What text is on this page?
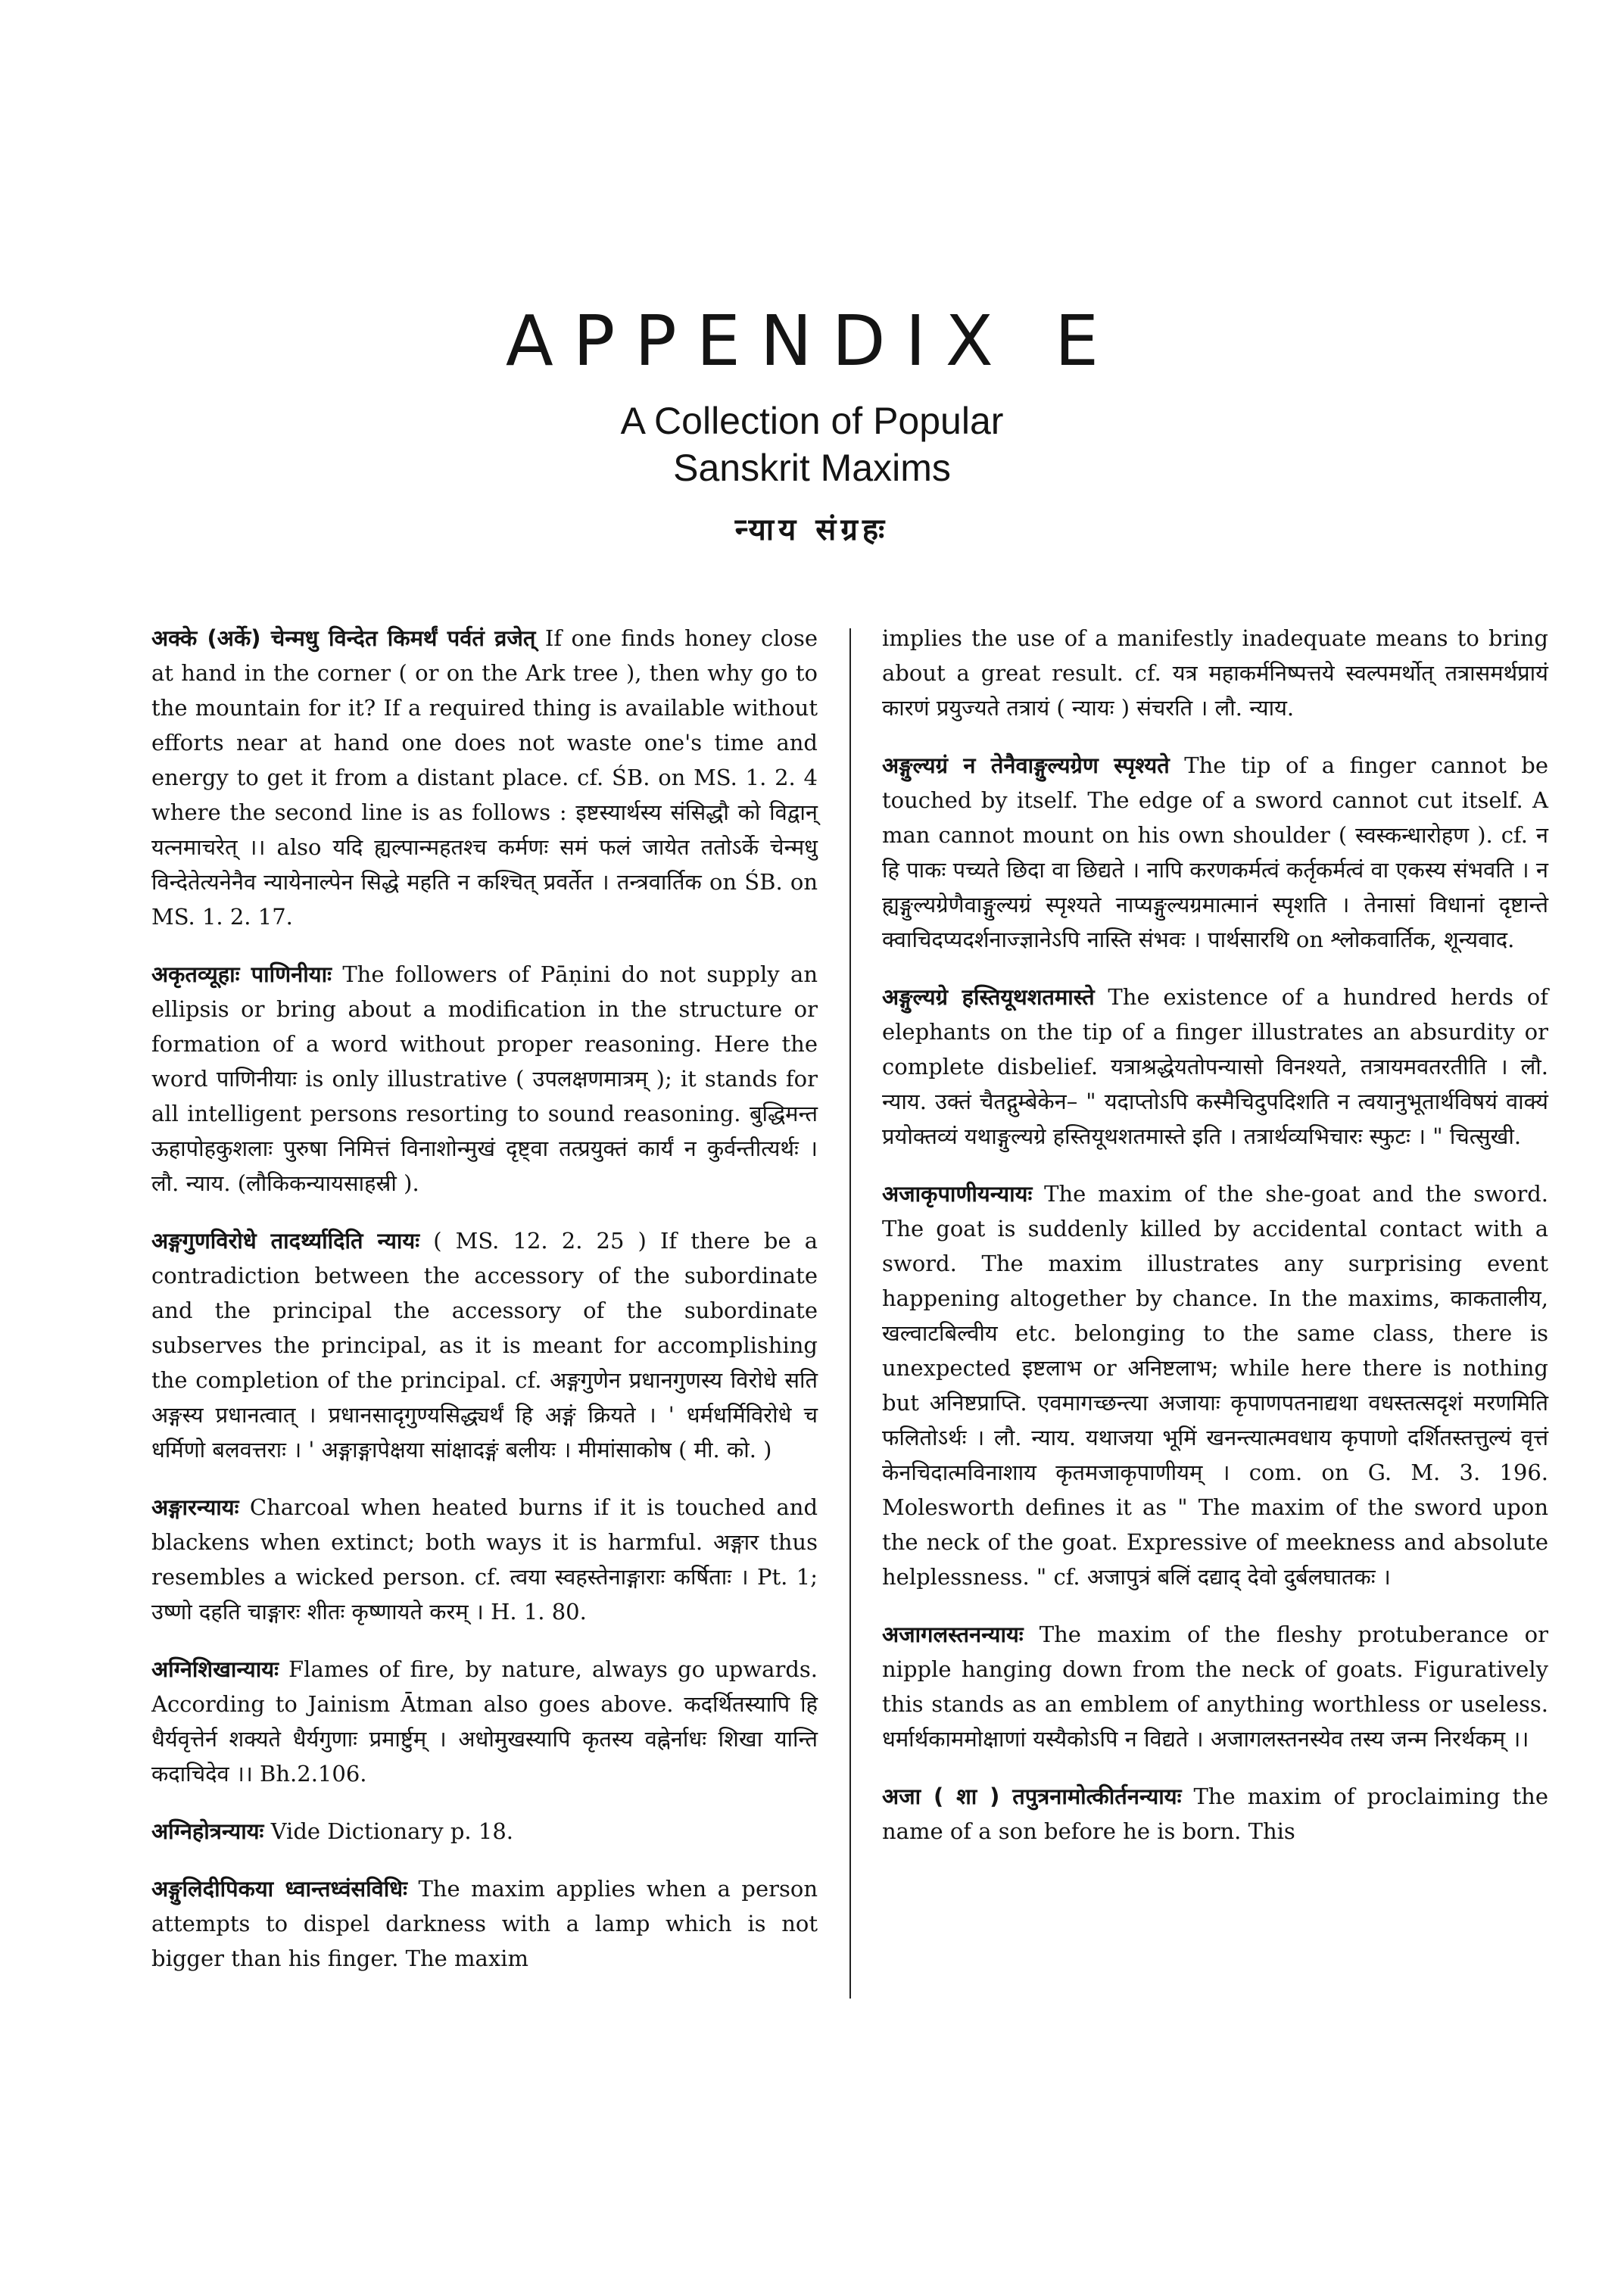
APPENDIX E
A Collection of Popular
Sanskrit Maxims
न्याय संग्रहः

अक्के (अर्के) चेन्मधु विन्देत किमर्थं पर्वतं व्रजेत् If one finds honey close at hand in the corner ( or on the Ark tree ), then why go to the mountain for it? If a required thing is available without efforts near at hand one does not waste one's time and energy to get it from a distant place. cf. ŚB. on MS. 1. 2. 4 where the second line is as follows : इष्टस्यार्थस्य संसिद्धौ को विद्वान् यत्नमाचरेत् ।। also यदि ह्यल्पान्महतश्च कर्मणः समं फलं जायेत ततोऽर्के चेन्मधु विन्देतेत्यनेनैव न्यायेनाल्पेन सिद्धे महति न कश्चित् प्रवर्तेत । तन्त्रवार्तिक on ŚB. on MS. 1. 2. 17.

अकृतव्यूहाः पाणिनीयाः The followers of Pāṇini do not supply an ellipsis or bring about a modification in the structure or formation of a word without proper reasoning. Here the word पाणिनीयाः is only illustrative ( उपलक्षणमात्रम् ); it stands for all intelligent persons resorting to sound reasoning. बुद्धिमन्त ऊहापोहकुशलाः पुरुषा निमित्तं विनाशोन्मुखं दृष्ट्वा तत्प्रयुक्तं कार्यं न कुर्वन्तीत्यर्थः । लौ. न्याय. (लौकिकन्यायसाहस्री ).

अङ्गगुणविरोधे तादर्थ्यादिति न्यायः ( MS. 12. 2. 25 ) If there be a contradiction between the accessory of the subordinate and the principal the accessory of the subordinate subserves the principal, as it is meant for accomplishing the completion of the principal. cf. अङ्गगुणेन प्रधानगुणस्य विरोधे सति अङ्गस्य प्रधानत्वात् । प्रधानसादृगुण्यसिद्ध्यर्थं हि अङ्गं क्रियते । ' धर्मधर्मिविरोधे च धर्मिणो बलवत्तराः । ' अङ्गाङ्गापेक्षया सांक्षादङ्गं बलीयः । मीमांसाकोष ( मी. को. )

अङ्गारन्यायः Charcoal when heated burns if it is touched and blackens when extinct; both ways it is harmful. अङ्गार thus resembles a wicked person. cf. त्वया स्वहस्तेनाङ्गाराः कर्षिताः । Pt. 1; उष्णो दहति चाङ्गारः शीतः कृष्णायते करम् । H. 1. 80.

अग्निशिखान्यायः Flames of fire, by nature, always go upwards. According to Jainism Ātman also goes above. कदर्थितस्यापि हि धैर्यवृत्तेर्न शक्यते धैर्यगुणाः प्रमार्ष्टुम् । अधोमुखस्यापि कृतस्य वह्नेर्नाधः शिखा यान्ति कदाचिदेव ।। Bh.2.106.

अग्निहोत्रन्यायः Vide Dictionary p. 18.

अङ्गुलिदीपिकया ध्वान्तध्वंसविधिः The maxim applies when a person attempts to dispel darkness with a lamp which is not bigger than his finger. The maxim

implies the use of a manifestly inadequate means to bring about a great result. cf. यत्र महाकर्मनिष्पत्तये स्वल्पमर्थोत् तत्रासमर्थप्रायं कारणं प्रयुज्यते तत्रायं ( न्यायः ) संचरति । लौ. न्याय.

अङ्गुल्यग्रं न तेनैवाङ्गुल्यग्रेण स्पृश्यते The tip of a finger cannot be touched by itself. The edge of a sword cannot cut itself. A man cannot mount on his own shoulder ( स्वस्कन्धारोहण ). cf. न हि पाकः पच्यते छिदा वा छिद्यते । नापि करणकर्मत्वं कर्तृकर्मत्वं वा एकस्य संभवति । न ह्यङ्गुल्यग्रेणैवाङ्गुल्यग्रं स्पृश्यते नाप्यङ्गुल्यग्रमात्मानं स्पृशति । तेनासां विधानां दृष्टान्ते क्वाचिदप्यदर्शनाज्ज्ञानेऽपि नास्ति संभवः । पार्थसारथि on श्लोकवार्तिक, शून्यवाद.

अङ्गुल्यग्रे हस्तियूथशतमास्ते The existence of a hundred herds of elephants on the tip of a finger illustrates an absurdity or complete disbelief. यत्राश्रद्धेयतोपन्यासो विनश्यते, तत्रायमवतरतीति । लौ. न्याय. उक्तं चैतद्गुम्बेकेन– " यदाप्तोऽपि कस्मैचिदुपदिशति न त्वयानुभूतार्थविषयं वाक्यं प्रयोक्तव्यं यथाङ्गुल्यग्रे हस्तियूथशतमास्ते इति । तत्रार्थव्यभिचारः स्फुटः । " चित्सुखी.

अजाकृपाणीयन्यायः The maxim of the she-goat and the sword. The goat is suddenly killed by accidental contact with a sword. The maxim illustrates any surprising event happening altogether by chance. In the maxims, काकतालीय, खल्वाटबिल्वीय etc. belonging to the same class, there is unexpected इष्टलाभ or अनिष्टलाभ; while here there is nothing but अनिष्टप्राप्ति. एवमागच्छन्त्या अजायाः कृपाणपतनाद्यथा वधस्तत्सदृशं मरणमिति फलितोऽर्थः । लौ. न्याय. यथाजया भूमिं खनन्त्यात्मवधाय कृपाणो दर्शितस्तत्तुल्यं वृत्तं केनचिदात्मविनाशाय कृतमजाकृपाणीयम् । com. on G. M. 3. 196. Molesworth defines it as " The maxim of the sword upon the neck of the goat. Expressive of meekness and absolute helplessness. " cf. अजापुत्रं बलिं दद्याद् देवो दुर्बलघातकः ।

अजागलस्तनन्यायः The maxim of the fleshy protuberance or nipple hanging down from the neck of goats. Figuratively this stands as an emblem of anything worthless or useless. धर्मार्थकाममोक्षाणां यस्यैकोऽपि न विद्यते । अजागलस्तनस्येव तस्य जन्म निरर्थकम् ।।

अजा ( शा ) तपुत्रनामोत्कीर्तनन्यायः The maxim of proclaiming the name of a son before he is born. This
